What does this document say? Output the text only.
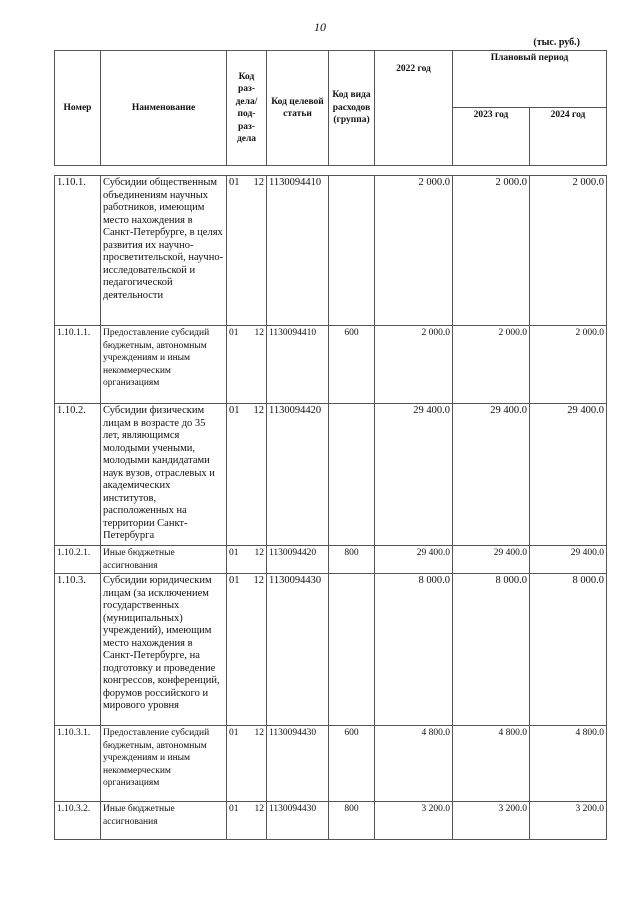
10
(тыс. руб.)
Номер	Наименование	Код раз- дела/ под- раз- дела	Код целевой статьи	Код вида расходов (группа)	2022 год	Плановый период	
						2023 год	2024 год

1.10.1.	Субсидии общественным объединениям научных работников, имеющим место нахождения в Санкт-Петербурге, в целях развития их научно-просветительской, научно-исследовательской и педагогической деятельности	01 12	1130094410		2 000.0	2 000.0	2 000.0
1.10.1.1.	Предоставление субсидий бюджетным, автономным учреждениям и иным некоммерческим организациям	01 12	1130094410	600	2 000.0	2 000.0	2 000.0
1.10.2.	Субсидии физическим лицам в возрасте до 35 лет, являющимся молодыми учеными, молодыми кандидатами наук вузов, отраслевых и академических институтов, расположенных на территории Санкт-Петербурга	01 12	1130094420		29 400.0	29 400.0	29 400.0
1.10.2.1.	Иные бюджетные ассигнования	01 12	1130094420	800	29 400.0	29 400.0	29 400.0
1.10.3.	Субсидии юридическим лицам (за исключением государственных (муниципальных) учреждений), имеющим место нахождения в Санкт-Петербурге, на подготовку и проведение конгрессов, конференций, форумов российского и мирового уровня	01 12	1130094430		8 000.0	8 000.0	8 000.0
1.10.3.1.	Предоставление субсидий бюджетным, автономным учреждениям и иным некоммерческим организациям	01 12	1130094430	600	4 800.0	4 800.0	4 800.0
1.10.3.2.	Иные бюджетные ассигнования	01 12	1130094430	800	3 200.0	3 200.0	3 200.0
